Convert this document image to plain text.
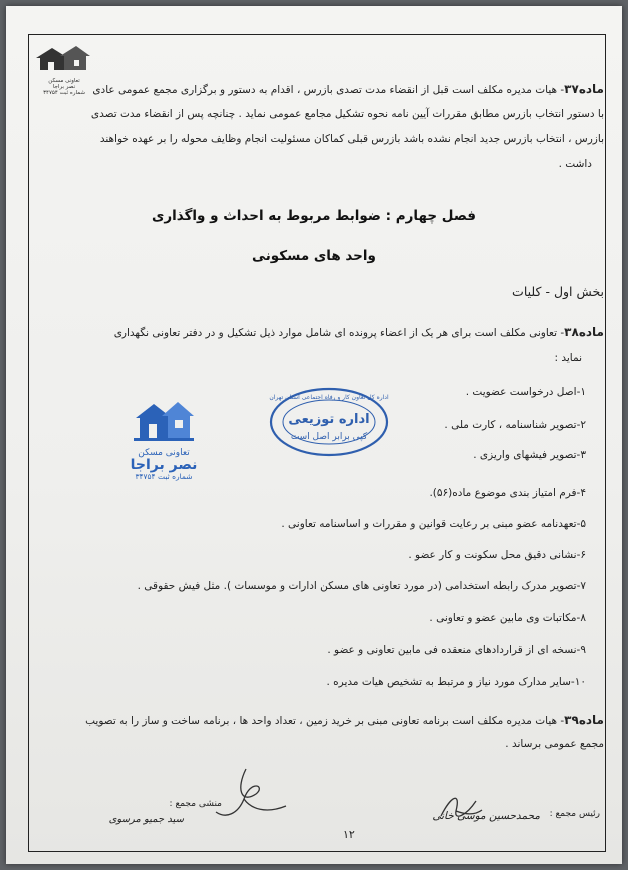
تعاونی مسکن
نصر براجا
شماره ثبت ۳۴۷۵۴	ماده۳۷- هیات مدیره مکلف است قبل از انقضاء مدت تصدی بازرس ، اقدام به دستور و برگزاری مجمع عمومی عادی
با دستور انتخاب بازرس مطابق مقررات آیین نامه نحوه تشکیل مجامع عمومی نماید . چنانچه پس از انقضاء مدت تصدی
بازرس ، انتخاب بازرس جدید انجام نشده باشد بازرس قبلی کماکان مسئولیت انجام وظایف محوله را بر عهده خواهند
داشت .
فصل چهارم : ضوابط مربوط به احداث و واگذاری
واحد های مسکونی
بخش اول - کلیات
ماده۳۸- تعاونی مکلف است برای هر یک از اعضاء پرونده ای شامل موارد ذیل تشکیل و در دفتر تعاونی نگهداری
نماید :
۱-اصل درخواست عضویت .
۲-تصویر شناسنامه ، کارت ملی .
۳-تصویر فیشهای واریزی .
۴-فرم امتیاز بندی موضوع ماده(۵۶).
۵-تعهدنامه عضو مبنی بر رعایت قوانین و مقررات و اساسنامه تعاونی .
۶-نشانی دقیق محل سکونت و کار عضو .
۷-تصویر مدرک رابطه استخدامی (در مورد تعاونی های مسکن ادارات و موسسات ). مثل فیش حقوقی .
۸-مکاتبات وی مابین عضو و تعاونی .
۹-نسخه ای از قراردادهای منعقده فی مابین تعاونی و عضو .
۱۰-سایر مدارک مورد نیاز و مرتبط به تشخیص هیات مدیره .
ماده۳۹- هیات مدیره مکلف است برنامه تعاونی مبنی بر خرید زمین ، تعداد واحد ها ، برنامه ساخت و ساز را به تصویب
مجمع عمومی برساند .
تعاونی مسکن
نصر براجا
شماره ثبت ۳۴۷۵۴
اداره کل تعاون کار و رفاه اجتماعی استان تهران
اداره توزیعی
کپی برابر اصل است
منشی مجمع :
سید جمیو مرسوی	رئیس مجمع :
محمدحسین موسی خانی
۱۲
